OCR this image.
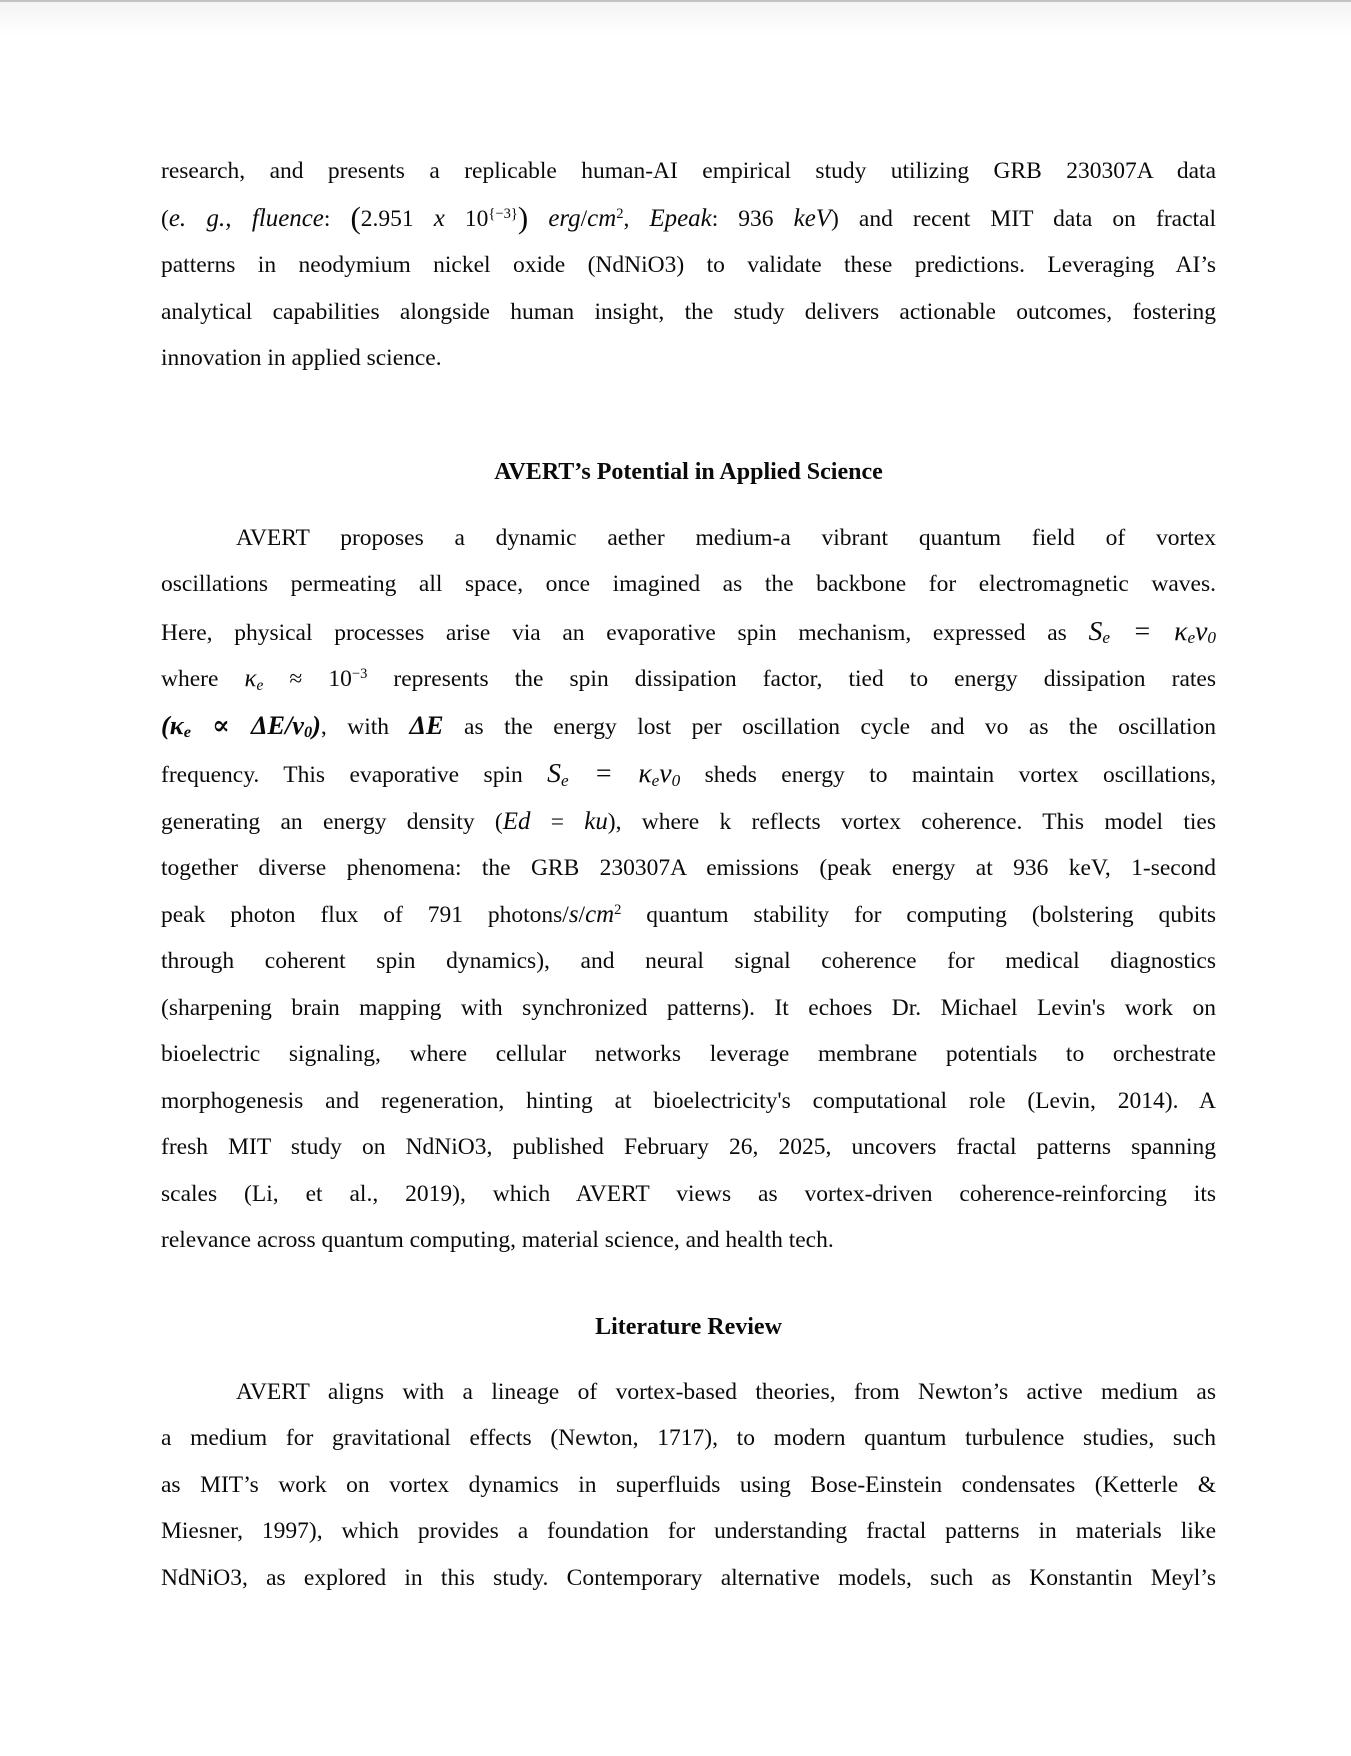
research, and presents a replicable human-AI empirical study utilizing GRB 230307A data
(e. g., fluence: (2.951 x $10^{\{-3\}}$) erg/$cm^2$, Epeak: 936 keV) and recent MIT data on fractal
patterns in neodymium nickel oxide (NdNiO3) to validate these predictions. Leveraging AI’s
analytical capabilities alongside human insight, the study delivers actionable outcomes, fostering
innovation in applied science.
AVERT’s Potential in Applied Science
AVERT proposes a dynamic aether medium-a vibrant quantum field of vortex
oscillations permeating all space, once imagined as the backbone for electromagnetic waves.
Here, physical processes arise via an evaporative spin mechanism, expressed as $S_e = \kappa_ev_0$
where $\kappa_e \approx 10^{-3}$ represents the spin dissipation factor, tied to energy dissipation rates
$(\kappa_e \propto \Delta E/v_0)$, with ΔE as the energy lost per oscillation cycle and vo as the oscillation
frequency. This evaporative spin $S_e = \kappa_ev_0$ sheds energy to maintain vortex oscillations,
generating an energy density (Ed = ku), where k reflects vortex coherence. This model ties
together diverse phenomena: the GRB 230307A emissions (peak energy at 936 keV, 1-second
peak photon flux of 791 photons/$s/cm^2$ quantum stability for computing (bolstering qubits
through coherent spin dynamics), and neural signal coherence for medical diagnostics
(sharpening brain mapping with synchronized patterns). It echoes Dr. Michael Levin's work on
bioelectric signaling, where cellular networks leverage membrane potentials to orchestrate
morphogenesis and regeneration, hinting at bioelectricity's computational role (Levin, 2014). A
fresh MIT study on NdNiO3, published February 26, 2025, uncovers fractal patterns spanning
scales (Li, et al., 2019), which AVERT views as vortex-driven coherence-reinforcing its
relevance across quantum computing, material science, and health tech.
Literature Review
AVERT aligns with a lineage of vortex-based theories, from Newton’s active medium as
a medium for gravitational effects (Newton, 1717), to modern quantum turbulence studies, such
as MIT’s work on vortex dynamics in superfluids using Bose-Einstein condensates (Ketterle &
Miesner, 1997), which provides a foundation for understanding fractal patterns in materials like
NdNiO3, as explored in this study. Contemporary alternative models, such as Konstantin Meyl’s
